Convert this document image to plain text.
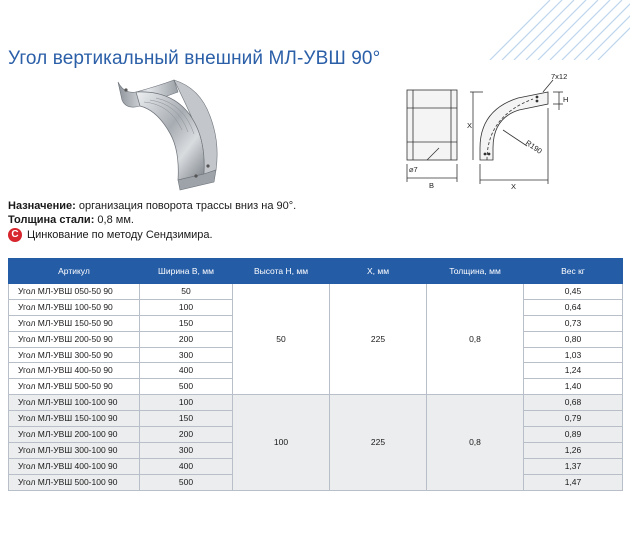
Угол вертикальный внешний МЛ-УВШ 90°
7x12
H
X
R190
X
⌀7
B
Назначение: организация поворота трассы вниз на 90°.
Толщина стали: 0,8 мм.
C Цинкование по методу Сендзимира.
Артикул	Ширина B, мм	Высота H, мм	X, мм	Толщина, мм	Вес кг
Угол МЛ-УВШ 050-50 90	50	50	225	0,8	0,45
Угол МЛ-УВШ 100-50 90	100				0,64
Угол МЛ-УВШ 150-50 90	150				0,73
Угол МЛ-УВШ 200-50 90	200				0,80
Угол МЛ-УВШ 300-50 90	300				1,03
Угол МЛ-УВШ 400-50 90	400				1,24
Угол МЛ-УВШ 500-50 90	500				1,40
Угол МЛ-УВШ 100-100 90	100	100	225	0,8	0,68
Угол МЛ-УВШ 150-100 90	150				0,79
Угол МЛ-УВШ 200-100 90	200				0,89
Угол МЛ-УВШ 300-100 90	300				1,26
Угол МЛ-УВШ 400-100 90	400				1,37
Угол МЛ-УВШ 500-100 90	500				1,47
